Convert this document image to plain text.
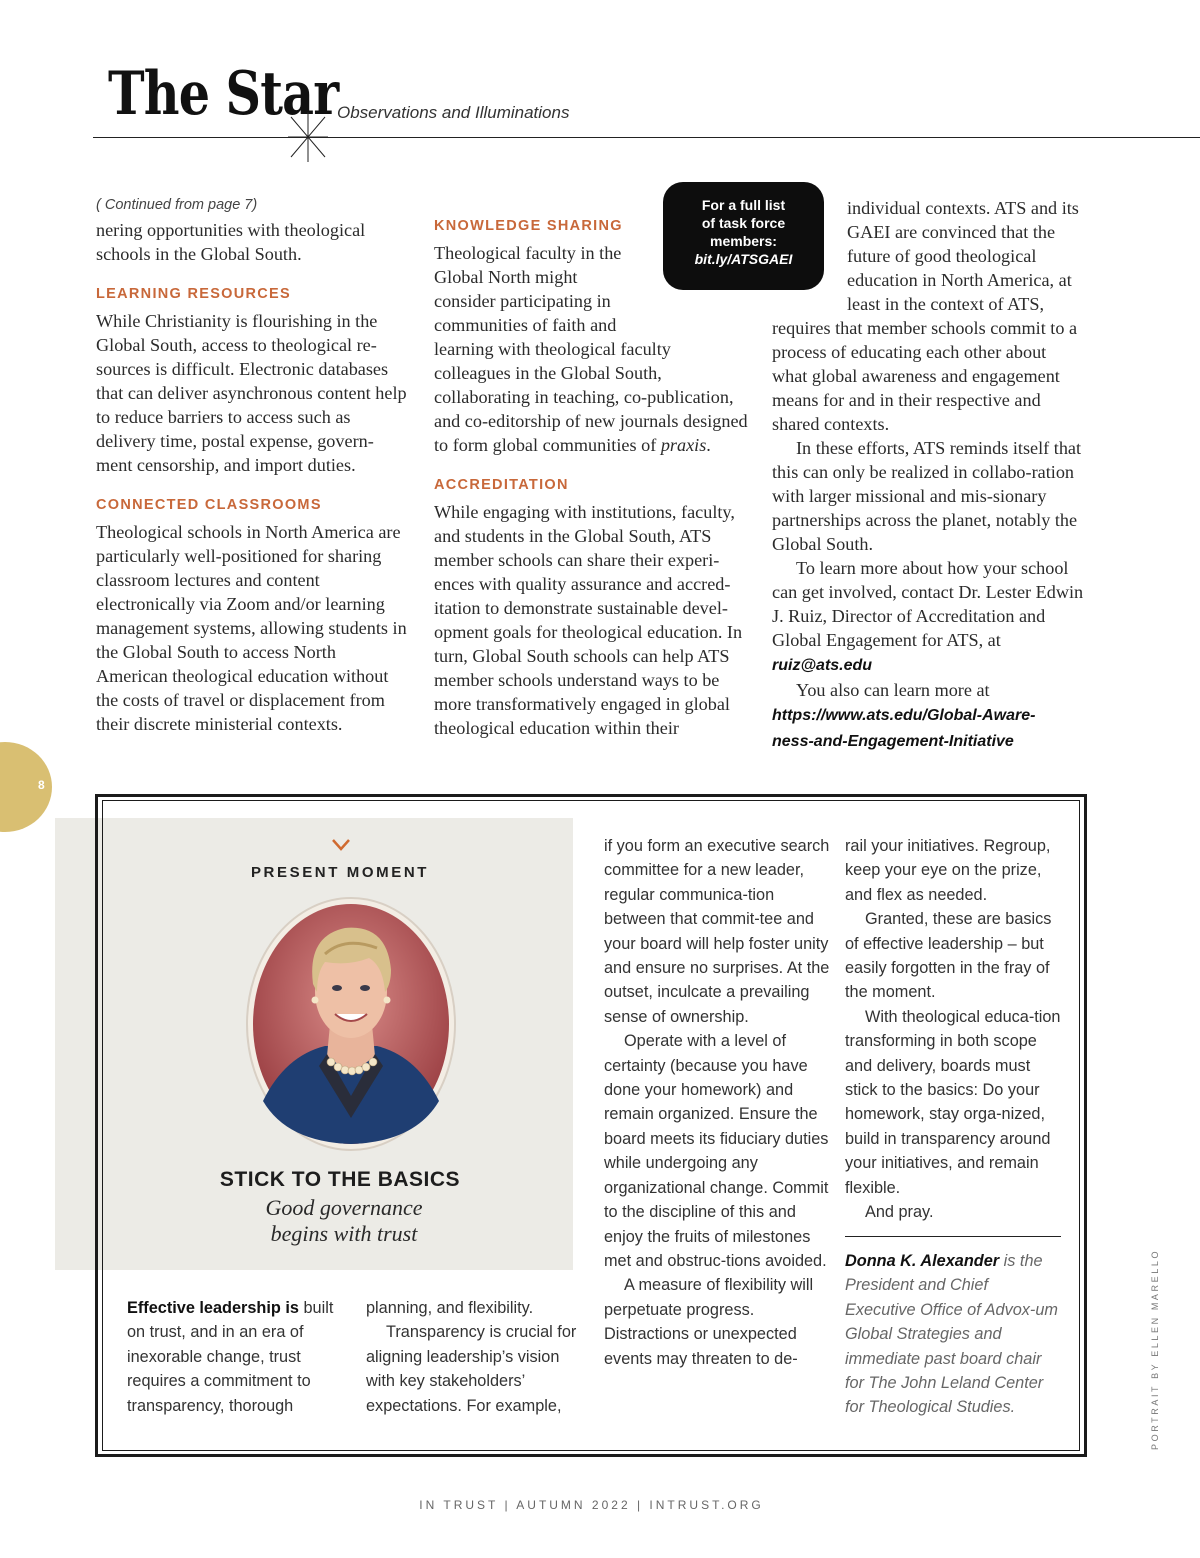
The Star
Observations and Illuminations
( Continued from page 7)

nering opportunities with theological schools in the Global South.

LEARNING RESOURCES

While Christianity is flourishing in the Global South, access to theological re-sources is difficult. Electronic databases that can deliver asynchronous content help to reduce barriers to access such as delivery time, postal expense, govern-ment censorship, and import duties.

CONNECTED CLASSROOMS

Theological schools in North America are particularly well-positioned for sharing classroom lectures and content electronically via Zoom and/or learning management systems, allowing students in the Global South to access North American theological education without the costs of travel or displacement from their discrete ministerial contexts.

KNOWLEDGE SHARING

Theological faculty in the Global North might consider participating in communities of faith and learning with theological faculty colleagues in the Global South, collaborating in teaching, co-publication, and co-editorship of new journals designed to form global communities of praxis.

ACCREDITATION

While engaging with institutions, faculty, and students in the Global South, ATS member schools can share their experi-ences with quality assurance and accred-itation to demonstrate sustainable devel-opment goals for theological education. In turn, Global South schools can help ATS member schools understand ways to be more transformatively engaged in global theological education within their

For a full list
of task force
members:
bit.ly/ATSGAEI

individual contexts. ATS and its GAEI are convinced that the future of good theological education in North America, at least in the context of ATS, requires that member schools commit to a process of educating each other about what global awareness and engagement means for and in their respective and shared contexts.

In these efforts, ATS reminds itself that this can only be realized in collabo-ration with larger missional and mis-sionary partnerships across the planet, notably the Global South.

To learn more about how your school can get involved, contact Dr. Lester Edwin J. Ruiz, Director of Accreditation and Global Engagement for ATS, at

ruiz@ats.edu

You also can learn more at

https://www.ats.edu/Global-Aware-
ness-and-Engagement-Initiative

8
PRESENT MOMENT
STICK TO THE BASICS
Good governance
begins with trust

Effective leadership is built on trust, and in an era of inexorable change, trust requires a commitment to transparency, thorough

planning, and flexibility.

Transparency is crucial for aligning leadership’s vision with key stakeholders’ expectations. For example,

if you form an executive search committee for a new leader, regular communica-tion between that commit-tee and your board will help foster unity and ensure no surprises. At the outset, inculcate a prevailing sense of ownership.

Operate with a level of certainty (because you have done your homework) and remain organized. Ensure the board meets its fiduciary duties while undergoing any organizational change. Commit to the discipline of this and enjoy the fruits of milestones met and obstruc-tions avoided.

A measure of flexibility will perpetuate progress. Distractions or unexpected events may threaten to de-

rail your initiatives. Regroup, keep your eye on the prize, and flex as needed.

Granted, these are basics of effective leadership – but easily forgotten in the fray of the moment.

With theological educa-tion transforming in both scope and delivery, boards must stick to the basics: Do your homework, stay orga-nized, build in transparency around your initiatives, and remain flexible.

And pray.

Donna K. Alexander is the President and Chief Executive Office of Advox-um Global Strategies and immediate past board chair for The John Leland Center for Theological Studies.	PORTRAIT BY ELLEN MARELLO
IN TRUST | AUTUMN 2022 | INTRUST.ORG
